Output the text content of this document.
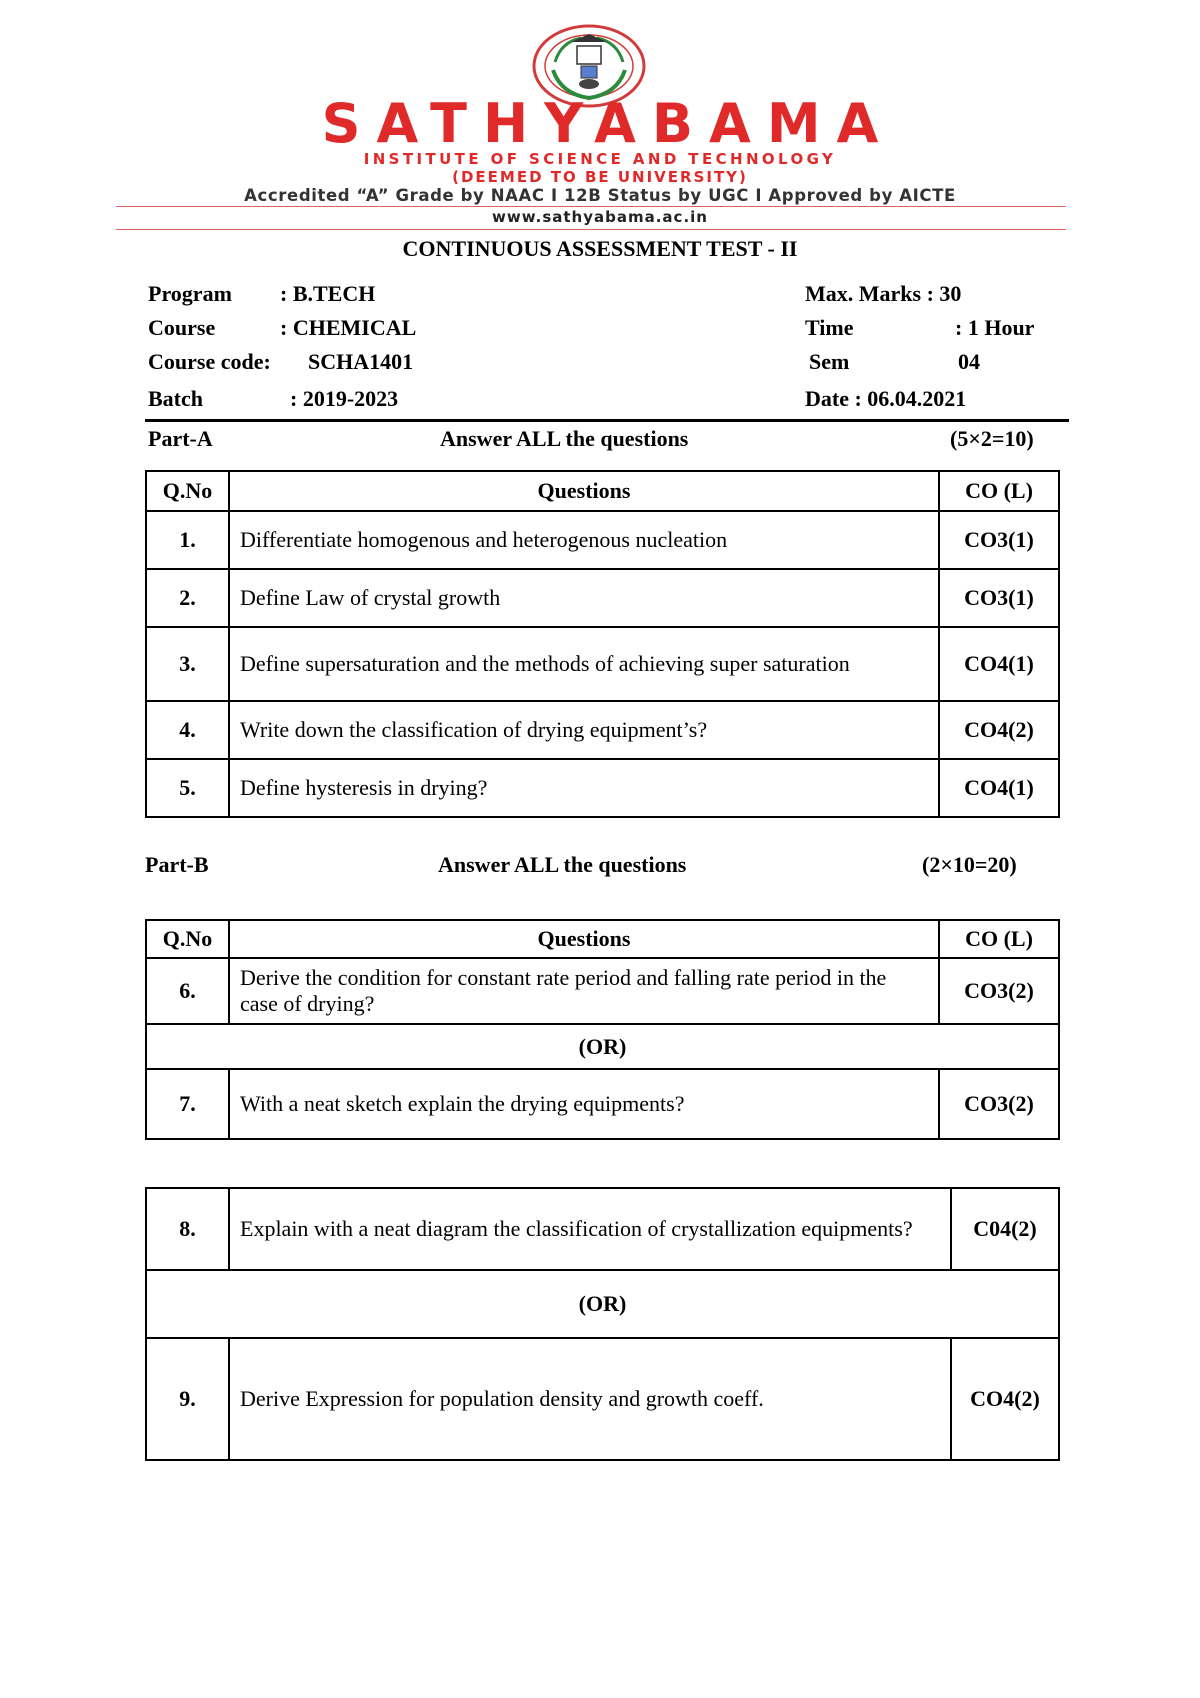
SATHYABAMA
INSTITUTE OF SCIENCE AND TECHNOLOGY
(DEEMED TO BE UNIVERSITY)
Accredited “A” Grade by NAAC I 12B Status by UGC I Approved by AICTE
www.sathyabama.ac.in
CONTINUOUS ASSESSMENT TEST - II
Program : B.TECH
Course	: CHEMICAL
Course code: SCHA1401
Batch	: 2019-2023
Max. Marks : 30
Time	: 1 Hour
Sem	04
Date : 06.04.2021
Part-A	Answer ALL the questions	(5×2=10)
Q.No	Questions	CO (L)
1.	Differentiate homogenous and heterogenous nucleation	CO3(1)
2.	Define Law of crystal growth	CO3(1)
3.	Define supersaturation and the methods of achieving super saturation	CO4(1)
4.	Write down the classification of drying equipment’s?	CO4(2)
5.	Define hysteresis in drying?	CO4(1)
Part-B	Answer ALL the questions	(2×10=20)
Q.No	Questions	CO (L)
6.	Derive the condition for constant rate period and falling rate period in the case of drying?	CO3(2)
(OR)		
7.	With a neat sketch explain the drying equipments?	CO3(2)
8.	Explain with a neat diagram the classification of crystallization equipments?	C04(2)
(OR)		
9.	Derive Expression for population density and growth coeff.	CO4(2)
